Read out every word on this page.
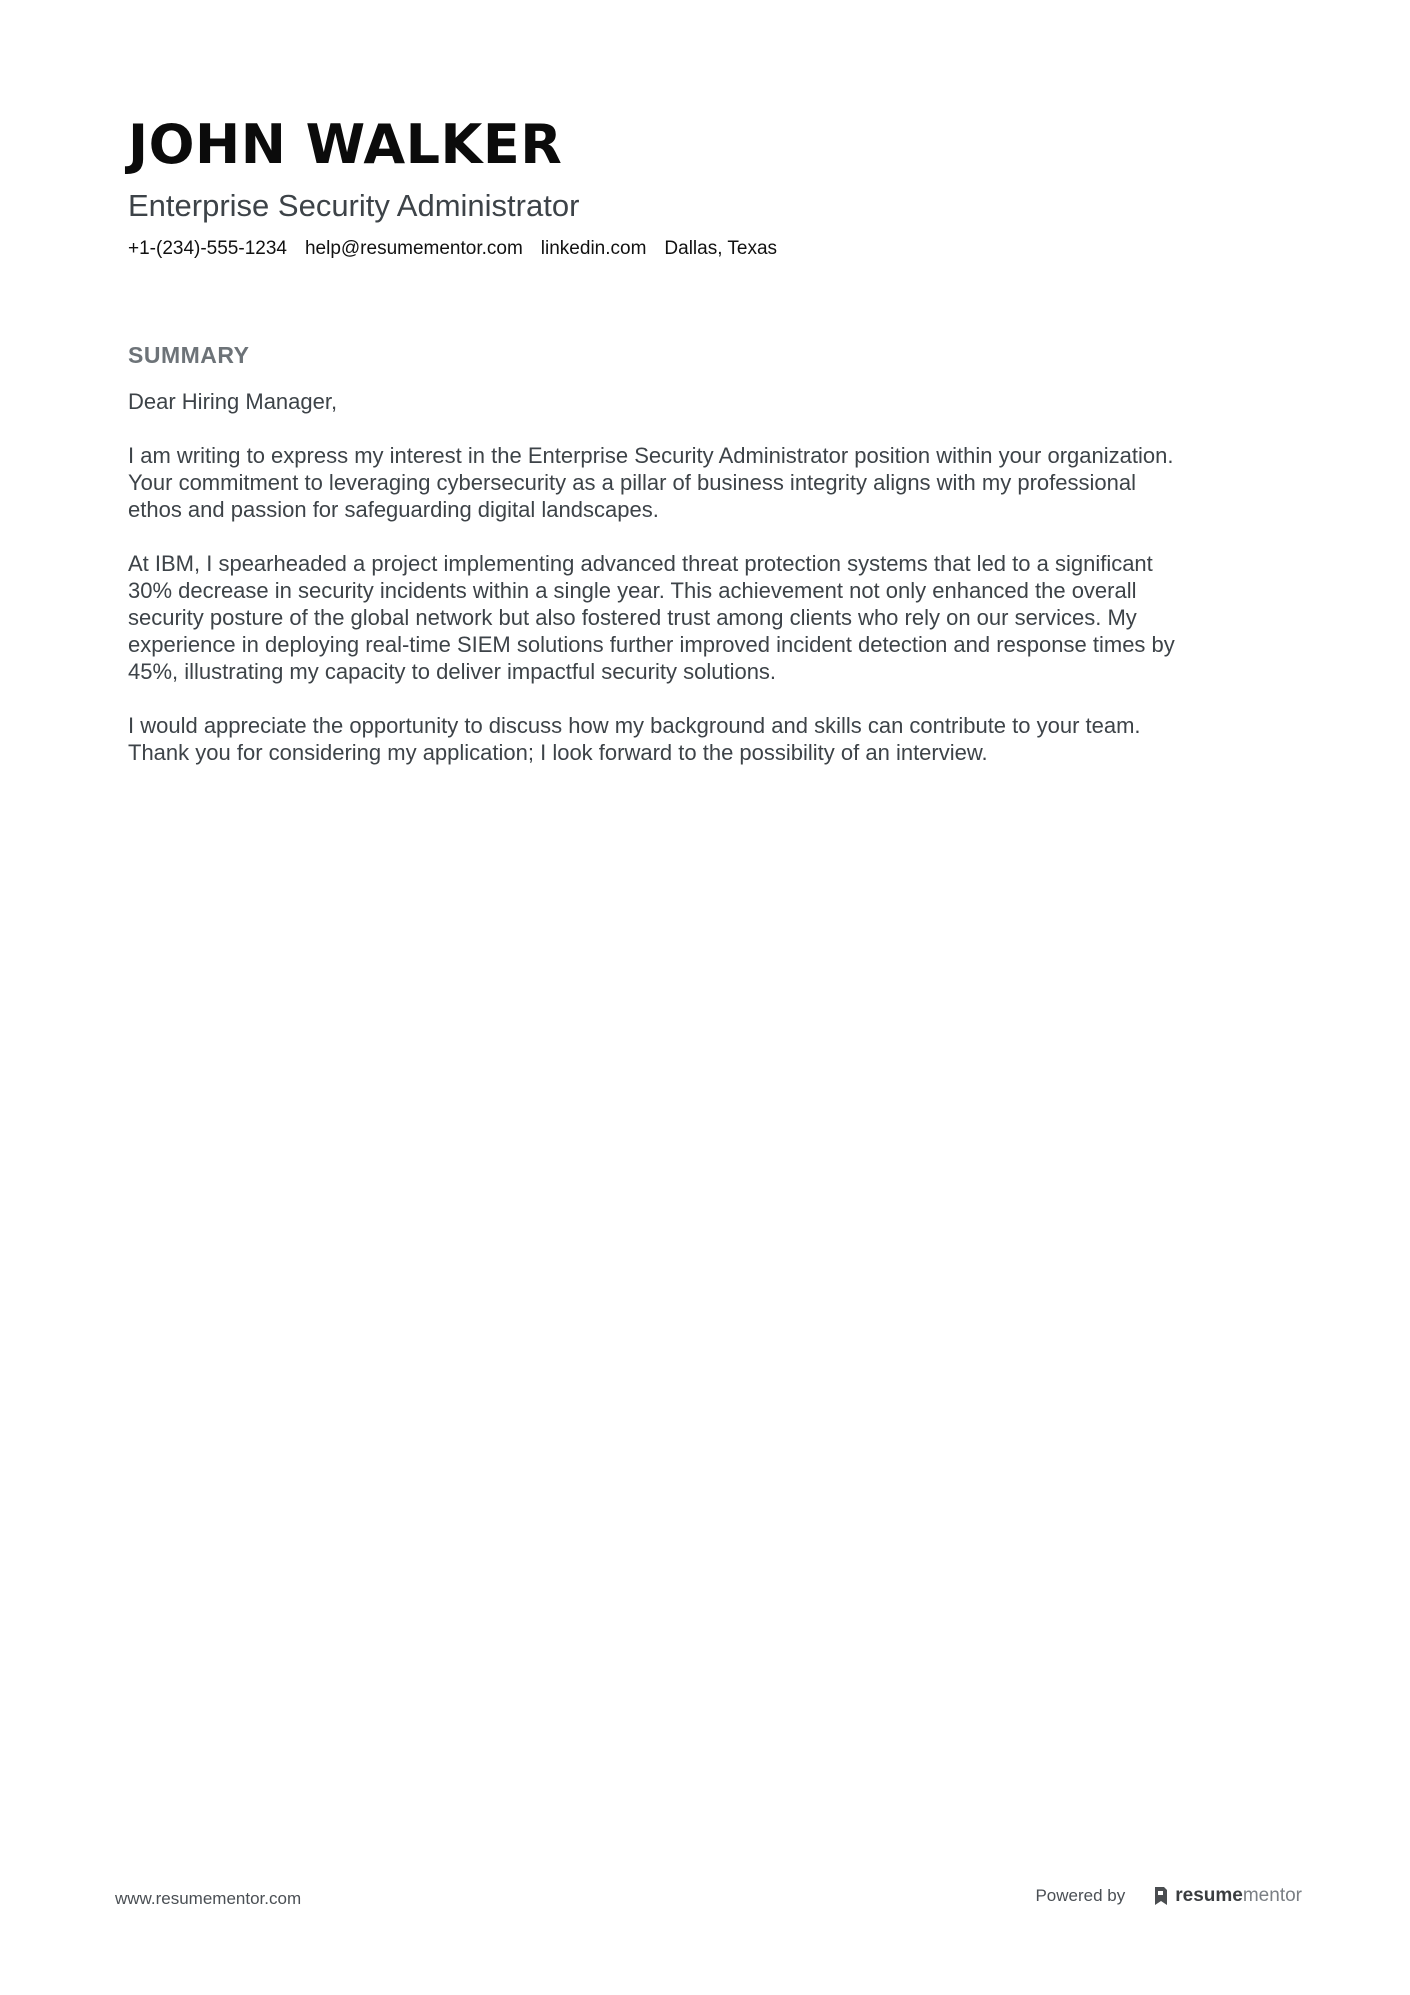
JOHN WALKER
Enterprise Security Administrator
+1-(234)-555-1234 help@resumementor.com linkedin.com Dallas, Texas
SUMMARY

Dear Hiring Manager,

I am writing to express my interest in the Enterprise Security Administrator position within your organization.
Your commitment to leveraging cybersecurity as a pillar of business integrity aligns with my professional
ethos and passion for safeguarding digital landscapes.

At IBM, I spearheaded a project implementing advanced threat protection systems that led to a significant
30% decrease in security incidents within a single year. This achievement not only enhanced the overall
security posture of the global network but also fostered trust among clients who rely on our services. My
experience in deploying real-time SIEM solutions further improved incident detection and response times by
45%, illustrating my capacity to deliver impactful security solutions.

I would appreciate the opportunity to discuss how my background and skills can contribute to your team.
Thank you for considering my application; I look forward to the possibility of an interview.

www.resumementor.com	Powered by	resumementor
